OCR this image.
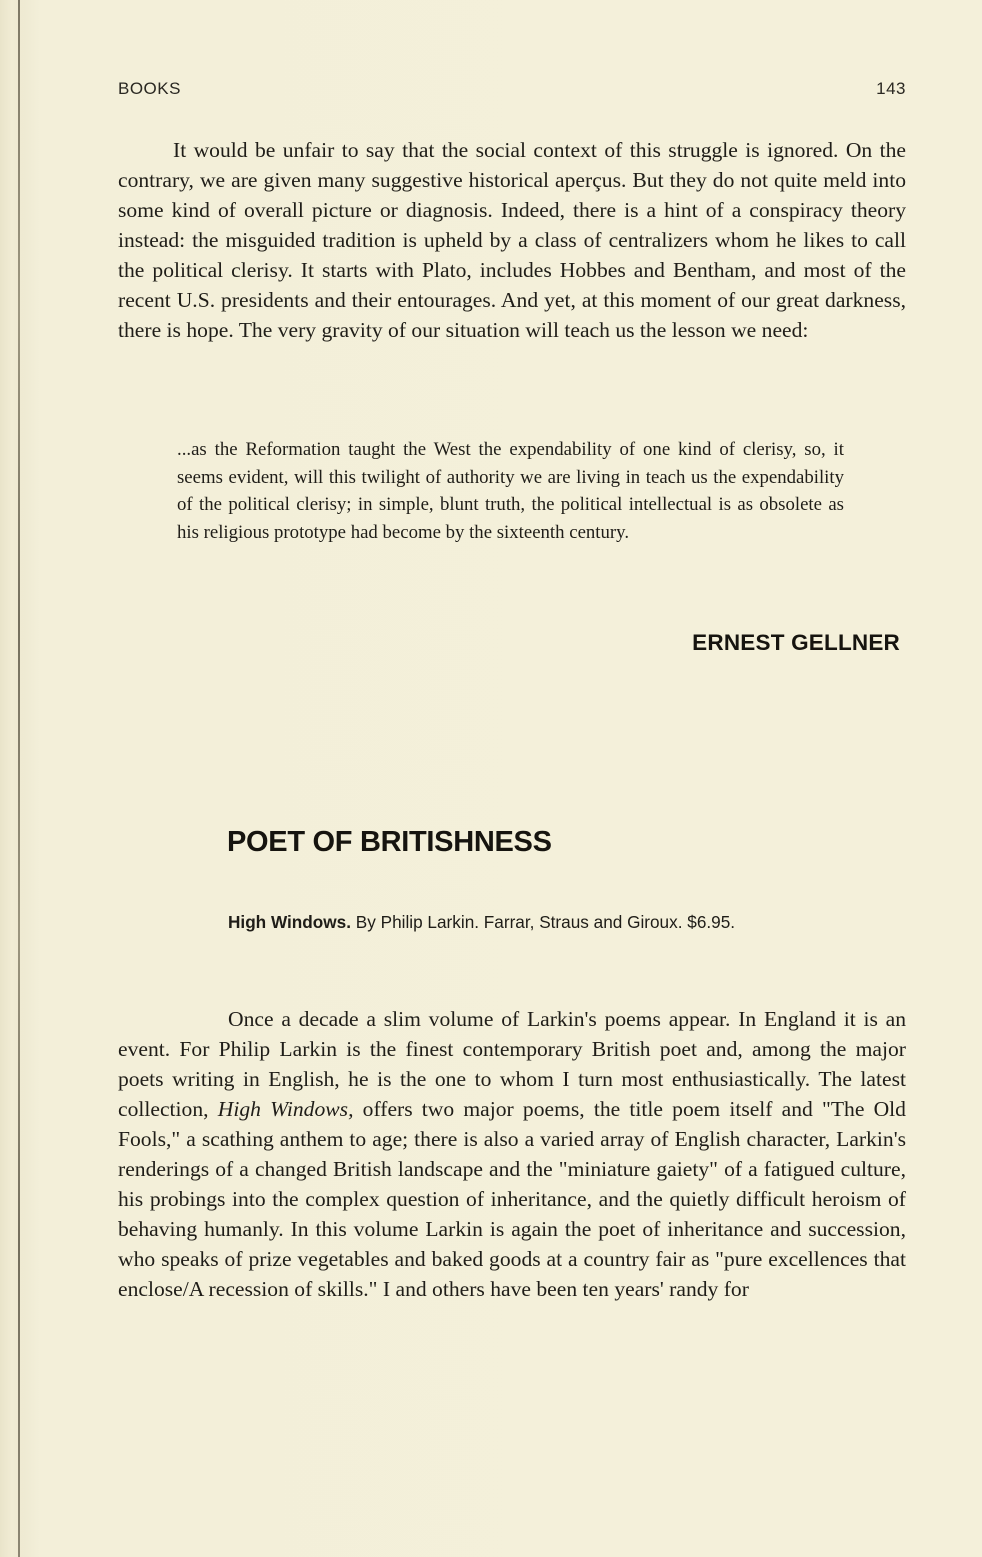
BOOKS	143

It would be unfair to say that the social context of this struggle is ignored. On the contrary, we are given many suggestive historical aperçus. But they do not quite meld into some kind of overall picture or diagnosis. Indeed, there is a hint of a conspiracy theory instead: the misguided tradition is upheld by a class of centralizers whom he likes to call the political clerisy. It starts with Plato, includes Hobbes and Bentham, and most of the recent U.S. presidents and their entourages. And yet, at this moment of our great darkness, there is hope. The very gravity of our situation will teach us the lesson we need:

...as the Reformation taught the West the expendability of one kind of clerisy, so, it seems evident, will this twilight of authority we are living in teach us the expendability of the political clerisy; in simple, blunt truth, the political intellectual is as obsolete as his religious prototype had become by the sixteenth century.
ERNEST GELLNER
POET OF BRITISHNESS
High Windows. By Philip Larkin. Farrar, Straus and Giroux. $6.95.

Once a decade a slim volume of Larkin's poems appear. In England it is an event. For Philip Larkin is the finest contemporary British poet and, among the major poets writing in English, he is the one to whom I turn most enthusiastically. The latest collection, High Windows, offers two major poems, the title poem itself and "The Old Fools," a scathing anthem to age; there is also a varied array of English character, Larkin's renderings of a changed British landscape and the "miniature gaiety" of a fatigued culture, his probings into the complex question of inheritance, and the quietly difficult heroism of behaving humanly. In this volume Larkin is again the poet of inheritance and succession, who speaks of prize vegetables and baked goods at a country fair as "pure excellences that enclose/A recession of skills." I and others have been ten years' randy for
